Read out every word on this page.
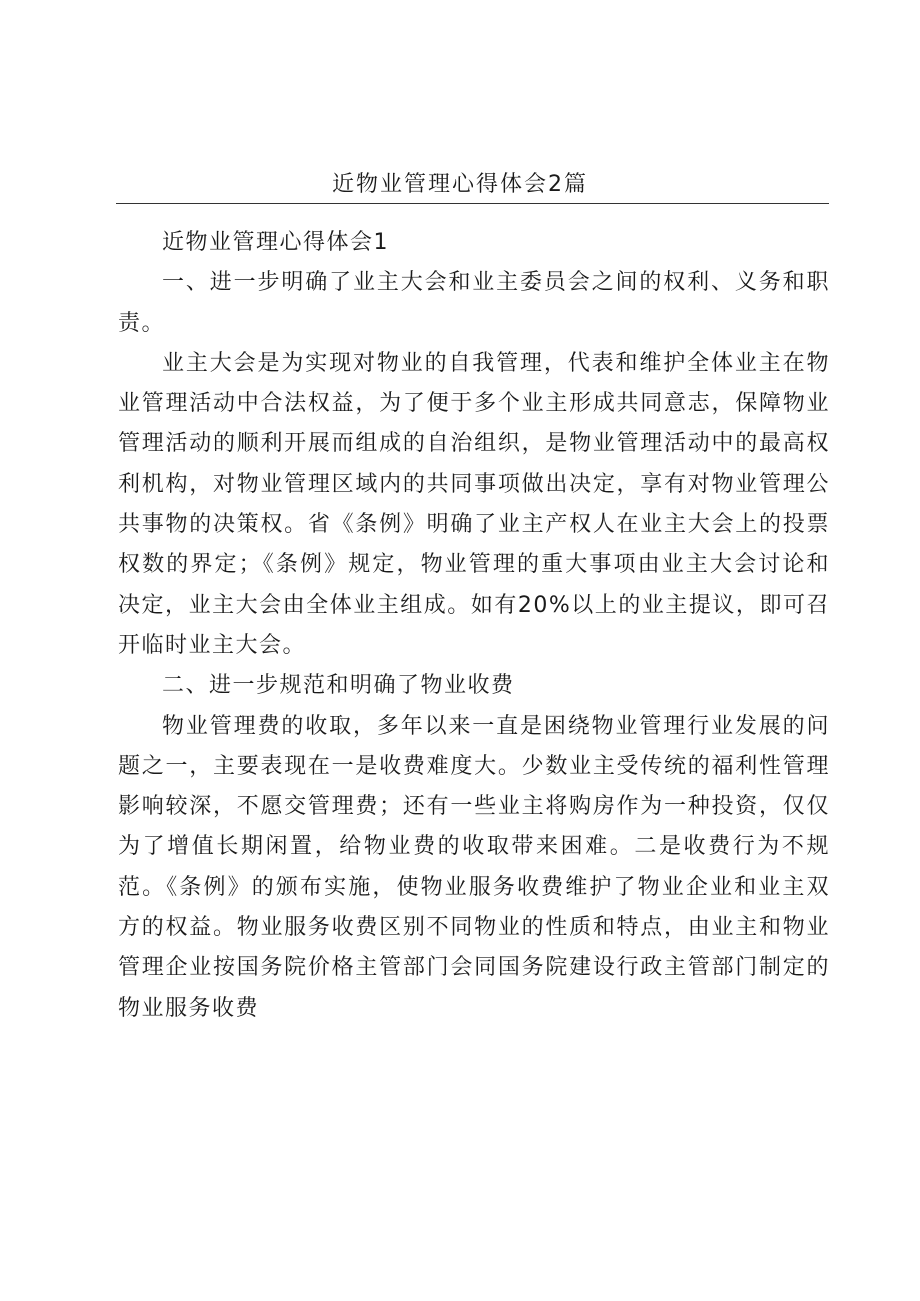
近物业管理心得体会2篇

近物业管理心得体会1

一、进一步明确了业主大会和业主委员会之间的权利、义务和职责。

业主大会是为实现对物业的自我管理，代表和维护全体业主在物业管理活动中合法权益，为了便于多个业主形成共同意志，保障物业管理活动的顺利开展而组成的自治组织，是物业管理活动中的最高权利机构，对物业管理区域内的共同事项做出决定，享有对物业管理公共事物的决策权。省《条例》明确了业主产权人在业主大会上的投票权数的界定；《条例》规定，物业管理的重大事项由业主大会讨论和决定，业主大会由全体业主组成。如有20%以上的业主提议，即可召开临时业主大会。

二、进一步规范和明确了物业收费

物业管理费的收取，多年以来一直是困绕物业管理行业发展的问题之一，主要表现在一是收费难度大。少数业主受传统的福利性管理影响较深，不愿交管理费；还有一些业主将购房作为一种投资，仅仅为了增值长期闲置，给物业费的收取带来困难。二是收费行为不规范。《条例》的颁布实施，使物业服务收费维护了物业企业和业主双方的权益。物业服务收费区别不同物业的性质和特点，由业主和物业管理企业按国务院价格主管部门会同国务院建设行政主管部门制定的物业服务收费
